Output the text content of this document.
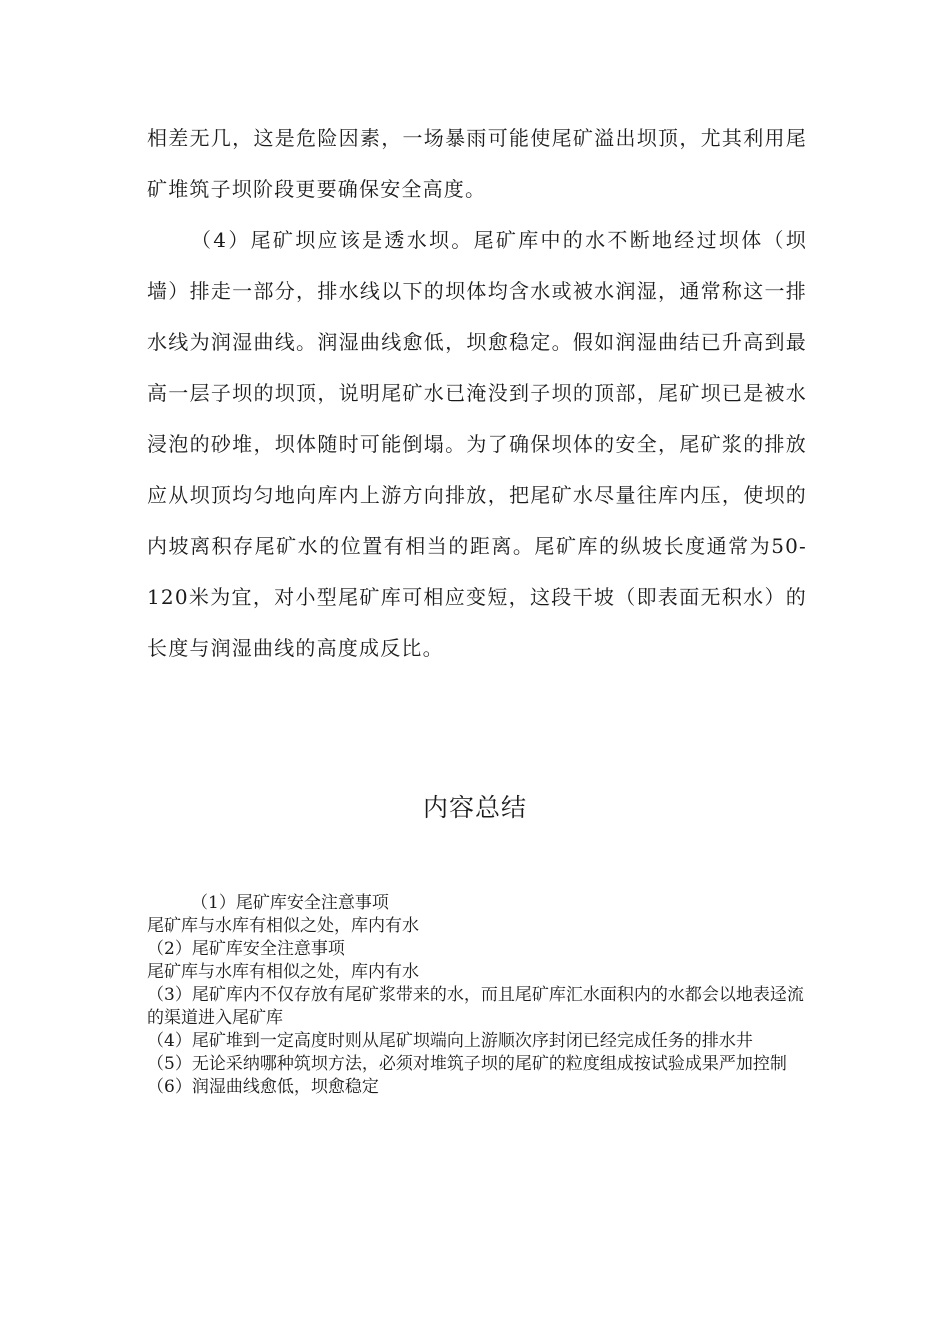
相差无几，这是危险因素，一场暴雨可能使尾矿溢出坝顶，尤其利用尾矿堆筑子坝阶段更要确保安全高度。

（4）尾矿坝应该是透水坝。尾矿库中的水不断地经过坝体（坝墙）排走一部分，排水线以下的坝体均含水或被水润湿，通常称这一排水线为润湿曲线。润湿曲线愈低，坝愈稳定。假如润湿曲结已升高到最高一层子坝的坝顶，说明尾矿水已淹没到子坝的顶部，尾矿坝已是被水浸泡的砂堆，坝体随时可能倒塌。为了确保坝体的安全，尾矿浆的排放应从坝顶均匀地向库内上游方向排放，把尾矿水尽量往库内压，使坝的内坡离积存尾矿水的位置有相当的距离。尾矿库的纵坡长度通常为50-120米为宜，对小型尾矿库可相应变短，这段干坡（即表面无积水）的长度与润湿曲线的高度成反比。

内容总结
（1）尾矿库安全注意事项
尾矿库与水库有相似之处，库内有水
（2）尾矿库安全注意事项
尾矿库与水库有相似之处，库内有水
（3）尾矿库内不仅存放有尾矿浆带来的水，而且尾矿库汇水面积内的水都会以地表迳流的渠道进入尾矿库
（4）尾矿堆到一定高度时则从尾矿坝端向上游顺次序封闭已经完成任务的排水井
（5）无论采纳哪种筑坝方法，必须对堆筑子坝的尾矿的粒度组成按试验成果严加控制
（6）润湿曲线愈低，坝愈稳定
